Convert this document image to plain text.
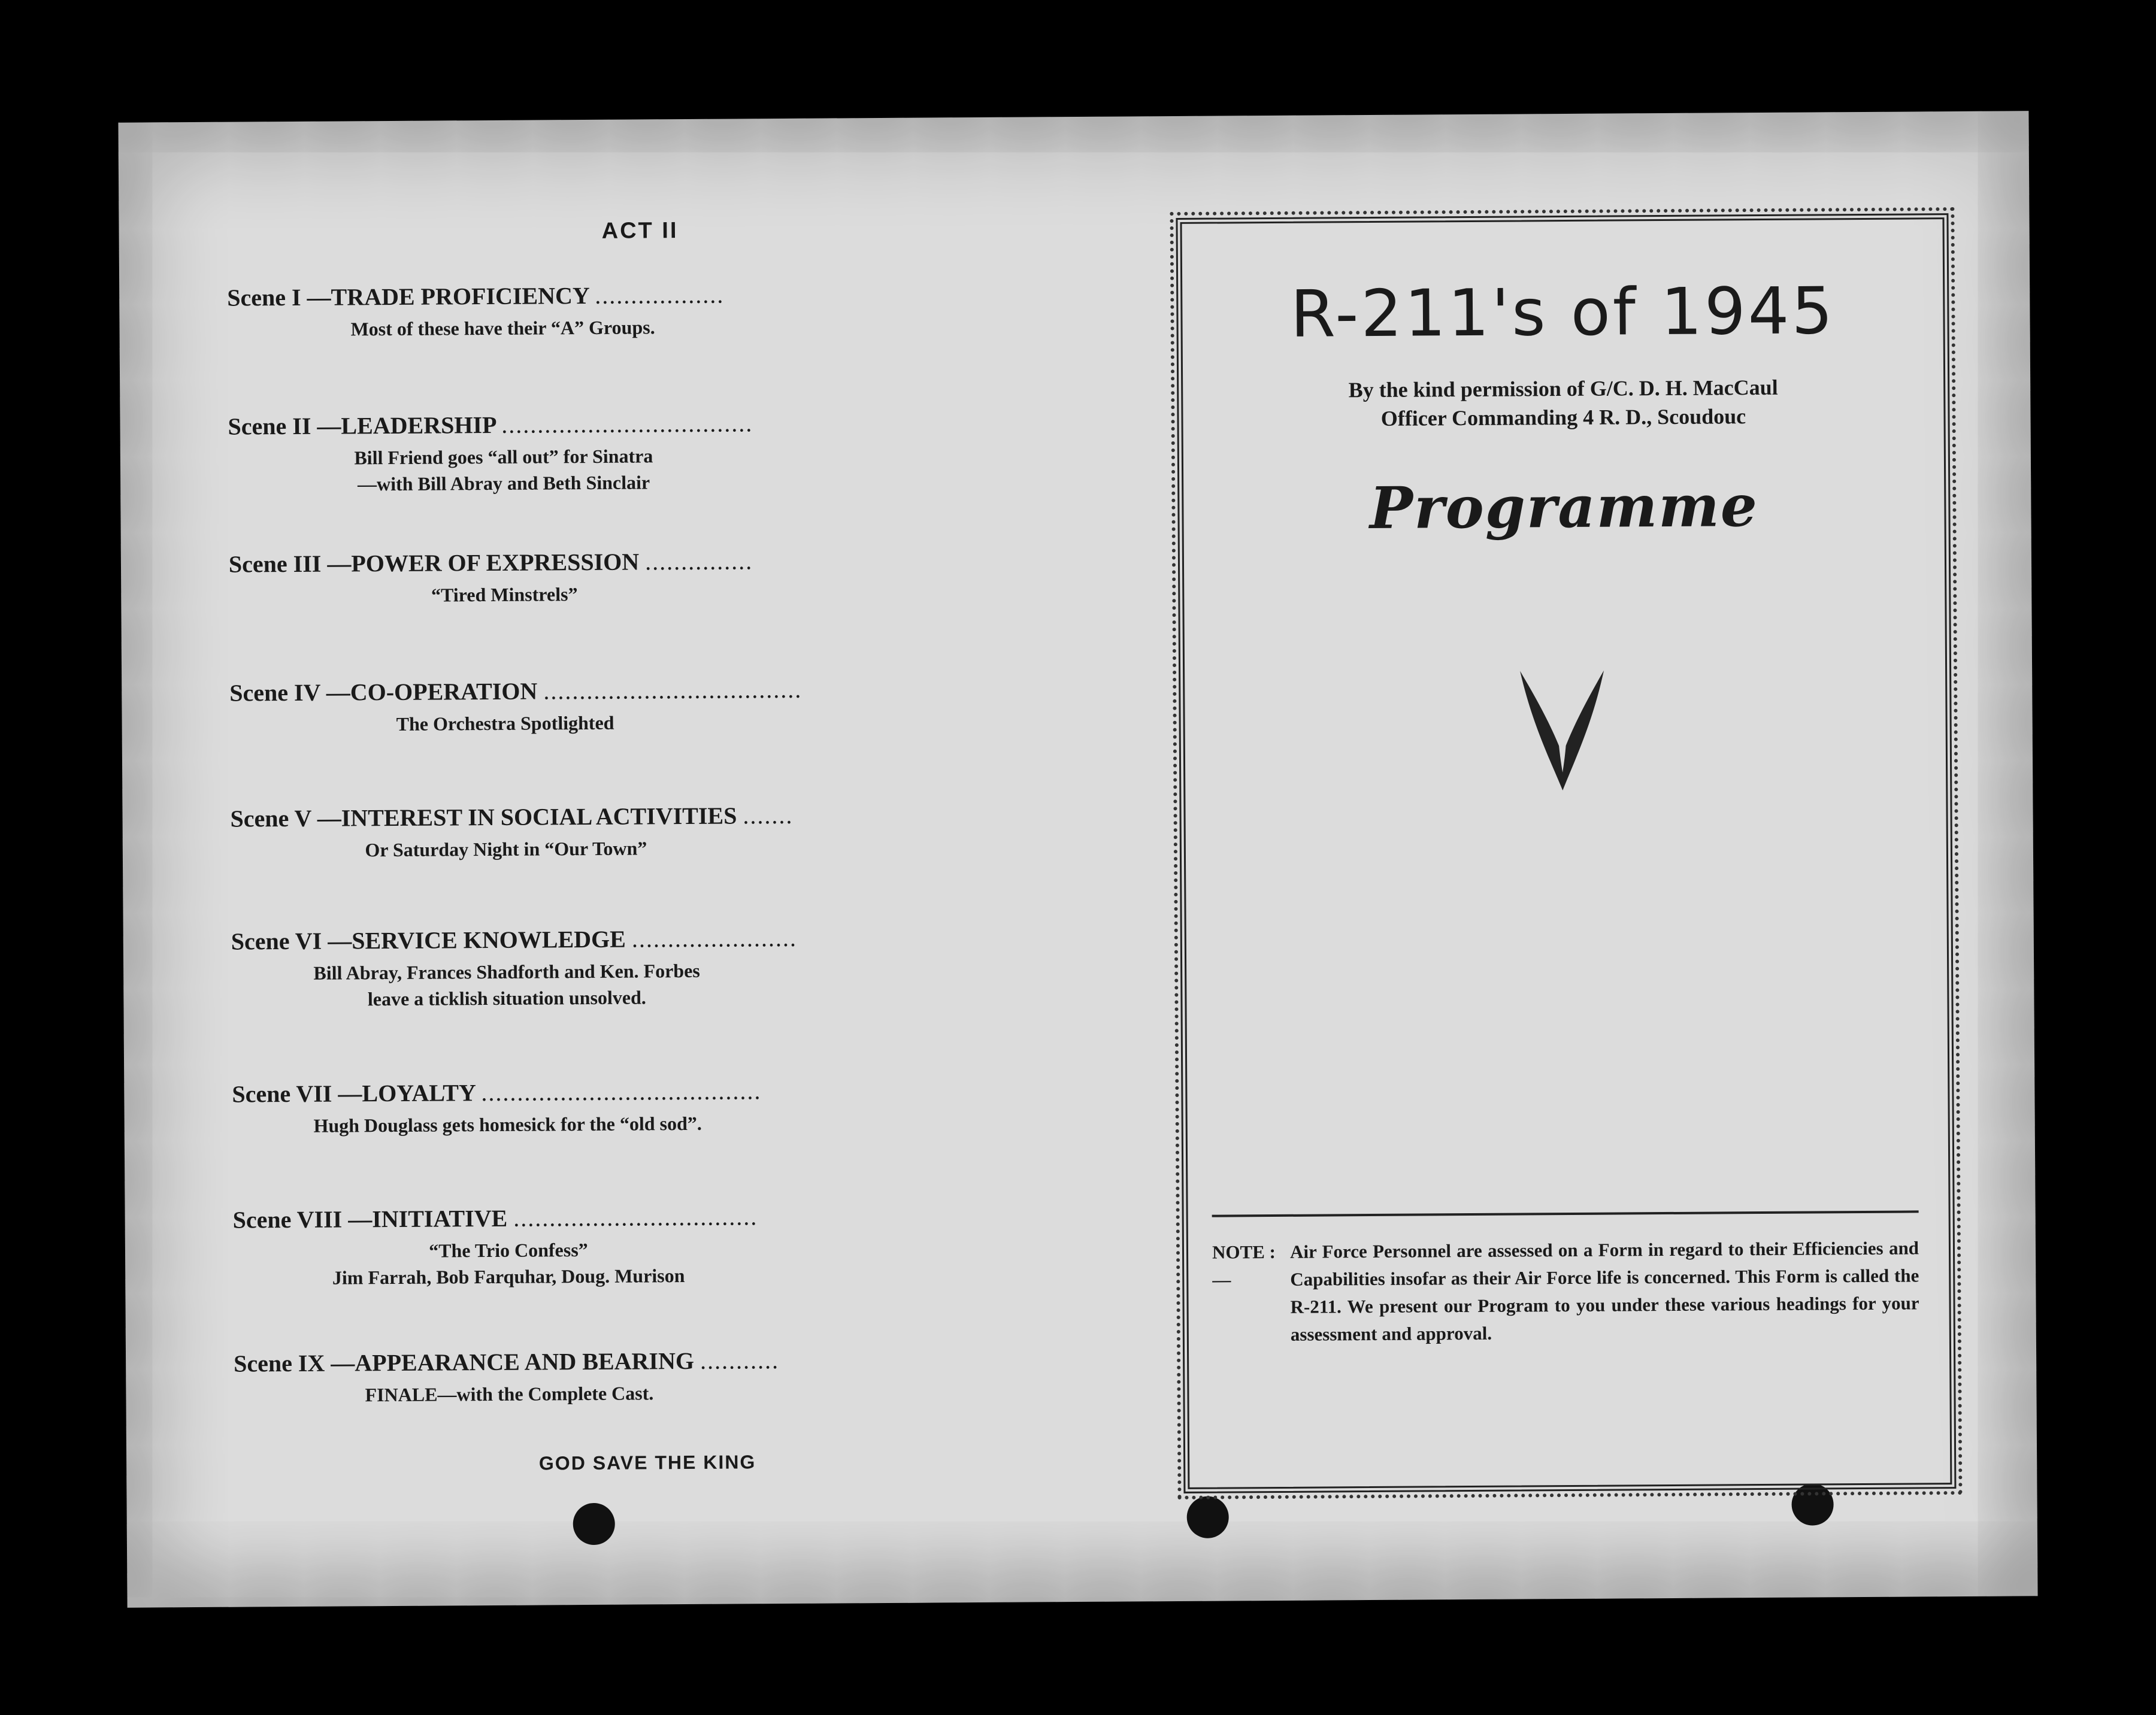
ACT II
Scene I —TRADE PROFICIENCY ..................
Most of these have their “A” Groups.
Scene II —LEADERSHIP ...................................
Bill Friend goes “all out” for Sinatra
—with Bill Abray and Beth Sinclair
Scene III —POWER OF EXPRESSION ...............
“Tired Minstrels”
Scene IV —CO-OPERATION ....................................
The Orchestra Spotlighted
Scene V —INTEREST IN SOCIAL ACTIVITIES .......
Or Saturday Night in “Our Town”
Scene VI —SERVICE KNOWLEDGE .......................
Bill Abray, Frances Shadforth and Ken. Forbes
leave a ticklish situation unsolved.
Scene VII —LOYALTY .......................................
Hugh Douglass gets homesick for the “old sod”.
Scene VIII —INITIATIVE ..................................
“The Trio Confess”
Jim Farrah, Bob Farquhar, Doug. Murison
Scene IX —APPEARANCE AND BEARING ...........
FINALE—with the Complete Cast.
GOD SAVE THE KING
R-211's of 1945
By the kind permission of G/C. D. H. MacCaul
Officer Commanding 4 R. D., Scoudouc
Programme
NOTE :—
Air Force Personnel are assessed on a Form in regard to their Efficiencies and Capabilities insofar as their Air Force life is concerned. This Form is called the R-211. We present our Program to you under these various headings for your assessment and approval.
